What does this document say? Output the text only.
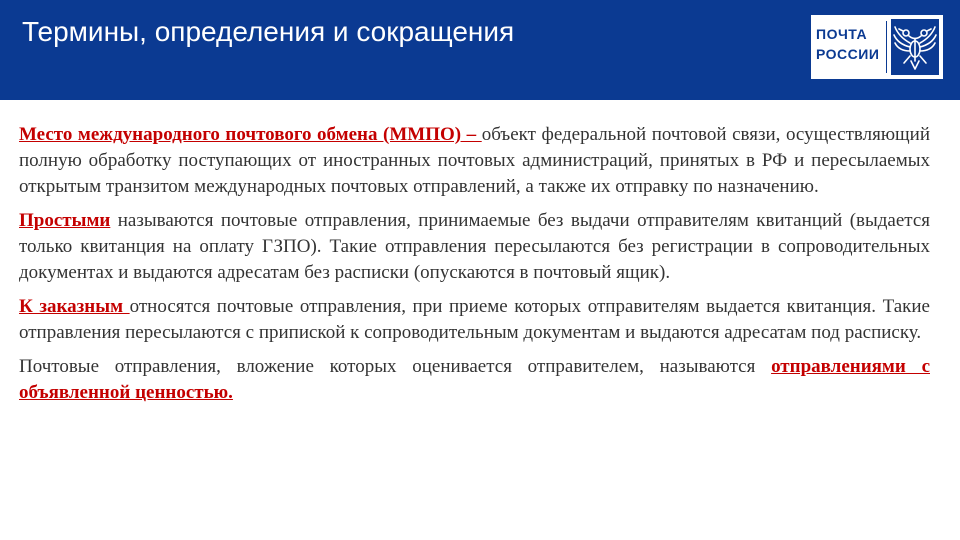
Термины, определения и сокращения	ПОЧТА
РОССИИ

Место международного почтового обмена (ММПО) – объект федеральной почтовой связи, осуществляющий полную обработку поступающих от иностранных почтовых администраций, принятых в РФ и пересылаемых открытым транзитом международных почтовых отправлений, а также их отправку по назначению.

Простыми называются почтовые отправления, принимаемые без выдачи отправителям квитанций (выдается только квитанция на оплату ГЗПО). Такие отправления пересылаются без регистрации в сопроводительных документах и выдаются адресатам без расписки (опускаются в почтовый ящик).

К заказным относятся почтовые отправления, при приеме которых отправителям выдается квитанция. Такие отправления пересылаются с припиской к сопроводительным документам и выдаются адресатам под расписку.

Почтовые отправления, вложение которых оценивается отправителем, называются отправлениями с объявленной ценностью.
